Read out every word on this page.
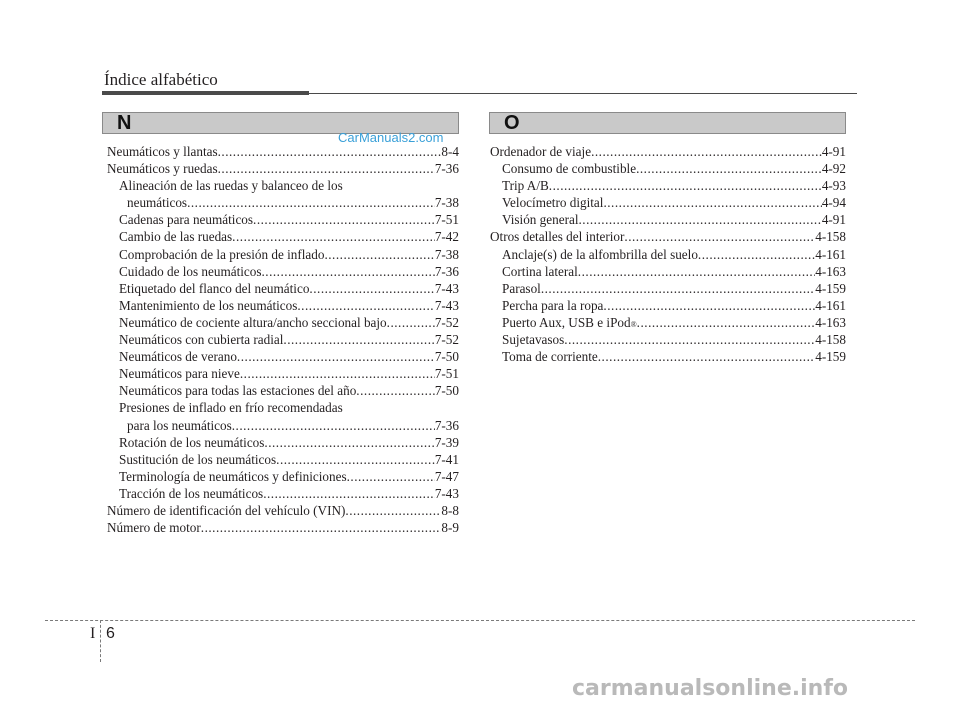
Índice alfabético
N	O
CarManuals2.com
Neumáticos y llantas .....	8-4
Neumáticos y ruedas .....	7-36
Alineación de las ruedas y balanceo de los
neumáticos .....	7-38
Cadenas para neumáticos .....	7-51
Cambio de las ruedas .....	7-42
Comprobación de la presión de inflado .....	7-38
Cuidado de los neumáticos .....	7-36
Etiquetado del flanco del neumático .....	7-43
Mantenimiento de los neumáticos .....	7-43
Neumático de cociente altura/ancho seccional bajo .....	7-52
Neumáticos con cubierta radial .....	7-52
Neumáticos de verano .....	7-50
Neumáticos para nieve .....	7-51
Neumáticos para todas las estaciones del año .....	7-50
Presiones de inflado en frío recomendadas
para los neumáticos .....	7-36
Rotación de los neumáticos .....	7-39
Sustitución de los neumáticos .....	7-41
Terminología de neumáticos y definiciones .....	7-47
Tracción de los neumáticos .....	7-43
Número de identificación del vehículo (VIN) .....	8-8
Número de motor .....	8-9
Ordenador de viaje .....	4-91
Consumo de combustible .....	4-92
Trip A/B .....	4-93
Velocímetro digital .....	4-94
Visión general .....	4-91
Otros detalles del interior .....	4-158
Anclaje(s) de la alfombrilla del suelo .....	4-161
Cortina lateral .....	4-163
Parasol .....	4-159
Percha para la ropa .....	4-161
Puerto Aux, USB e iPod ® .....	4-163
Sujetavasos .....	4-158
Toma de corriente .....	4-159
I 6
carmanualsonline.info
